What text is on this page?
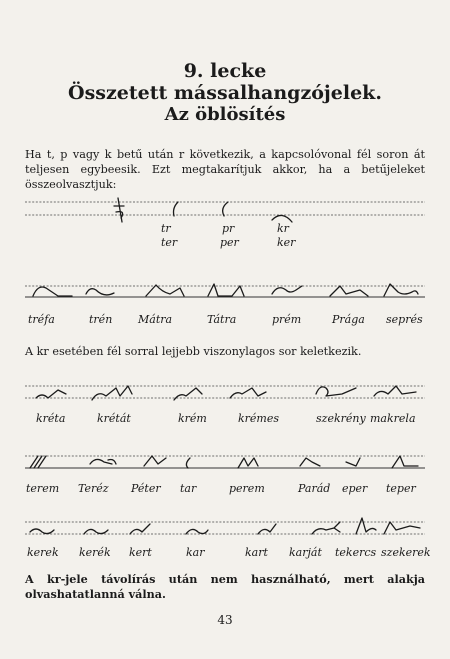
9. lecke
Összetett mássalhangzójelek.
Az öblösítés
Ha t, p vagy k betű után r következik, a kapcsolóvonal fél soron át teljesen egybeesik. Ezt megtakarítjuk akkor, ha a betűjeleket összeolvasztjuk:
tr	pr	kr
ter	per	ker
tréfa	trén Mátra	Tátra	prém	Prága seprés
A kr esetében fél sorral lejjebb viszonylagos sor keletkezik.
kréta	krétát	krém	krémes	szekrény makrela
terem Teréz Péter tar	perem	Parád eper teper
kerek kerék kert	kar	kart karját tekercs szekerek
A kr-jele távolírás után nem használható, mert alakja olvashatatlanná válna.
43
